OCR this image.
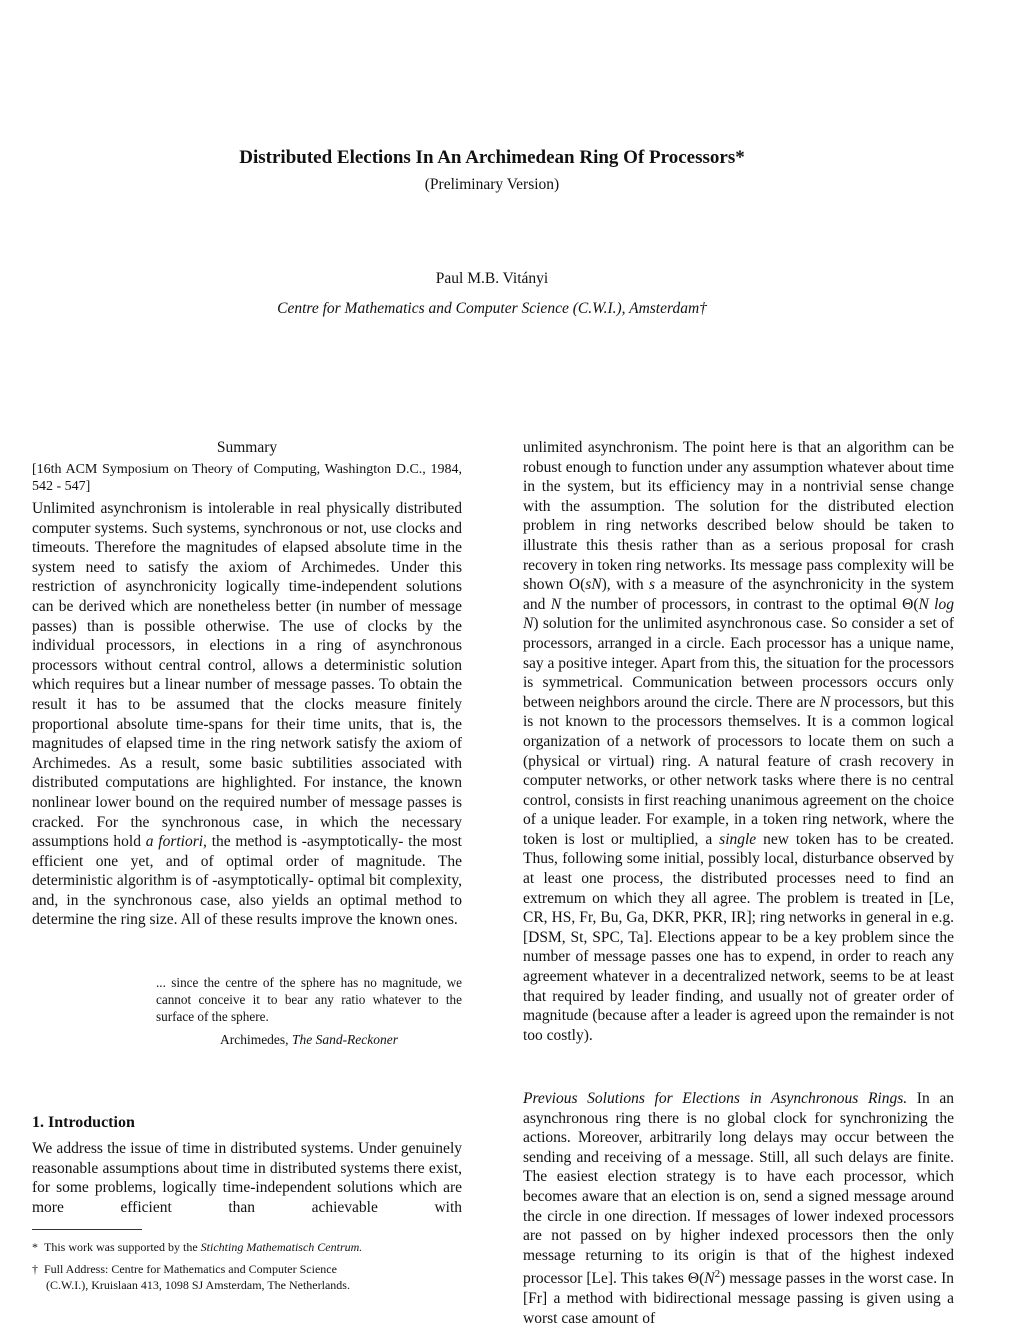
Distributed Elections In An Archimedean Ring Of Processors*
(Preliminary Version)
Paul M.B. Vitányi
Centre for Mathematics and Computer Science (C.W.I.), Amsterdam†
Summary
[16th ACM Symposium on Theory of Computing, Washington D.C., 1984, 542 - 547]

Unlimited asynchronism is intolerable in real physically distributed computer systems. Such systems, synchronous or not, use clocks and timeouts. Therefore the magnitudes of elapsed absolute time in the system need to satisfy the axiom of Archimedes. Under this restriction of asynchronicity logically time-independent solutions can be derived which are nonetheless better (in number of message passes) than is possible otherwise. The use of clocks by the individual processors, in elections in a ring of asynchronous processors without central control, allows a deterministic solution which requires but a linear number of message passes. To obtain the result it has to be assumed that the clocks measure finitely proportional absolute time-spans for their time units, that is, the magnitudes of elapsed time in the ring network satisfy the axiom of Archimedes. As a result, some basic subtilities associated with distributed computations are highlighted. For instance, the known nonlinear lower bound on the required number of message passes is cracked. For the synchronous case, in which the necessary assumptions hold a fortiori, the method is -asymptotically- the most efficient one yet, and of optimal order of magnitude. The deterministic algorithm is of -asymptotically- optimal bit complexity, and, in the synchronous case, also yields an optimal method to determine the ring size. All of these results improve the known ones.

... since the centre of the sphere has no magnitude, we cannot conceive it to bear any ratio whatever to the surface of the sphere.
Archimedes, The Sand-Reckoner
1. Introduction
We address the issue of time in distributed systems. Under genuinely reasonable assumptions about time in distributed systems there exist, for some problems, logically time-independent solutions which are more efficient than achievable with
* This work was supported by the Stichting Mathematisch Centrum.
† Full Address: Centre for Mathematics and Computer Science
(C.W.I.), Kruislaan 413, 1098 SJ Amsterdam, The Netherlands.

unlimited asynchronism. The point here is that an algorithm can be robust enough to function under any assumption whatever about time in the system, but its efficiency may in a nontrivial sense change with the assumption. The solution for the distributed election problem in ring networks described below should be taken to illustrate this thesis rather than as a serious proposal for crash recovery in token ring networks. Its message pass complexity will be shown O(sN), with s a measure of the asynchronicity in the system and N the number of processors, in contrast to the optimal Θ(N log N) solution for the unlimited asynchronous case. So consider a set of processors, arranged in a circle. Each processor has a unique name, say a positive integer. Apart from this, the situation for the processors is symmetrical. Communication between processors occurs only between neighbors around the circle. There are N processors, but this is not known to the processors themselves. It is a common logical organization of a network of processors to locate them on such a (physical or virtual) ring. A natural feature of crash recovery in computer networks, or other network tasks where there is no central control, consists in first reaching unanimous agreement on the choice of a unique leader. For example, in a token ring network, where the token is lost or multiplied, a single new token has to be created. Thus, following some initial, possibly local, disturbance observed by at least one process, the distributed processes need to find an extremum on which they all agree. The problem is treated in [Le, CR, HS, Fr, Bu, Ga, DKR, PKR, IR]; ring networks in general in e.g. [DSM, St, SPC, Ta]. Elections appear to be a key problem since the number of message passes one has to expend, in order to reach any agreement whatever in a decentralized network, seems to be at least that required by leader finding, and usually not of greater order of magnitude (because after a leader is agreed upon the remainder is not too costly).

Previous Solutions for Elections in Asynchronous Rings. In an asynchronous ring there is no global clock for synchronizing the actions. Moreover, arbitrarily long delays may occur between the sending and receiving of a message. Still, all such delays are finite. The easiest election strategy is to have each processor, which becomes aware that an election is on, send a signed message around the circle in one direction. If messages of lower indexed processors are not passed on by higher indexed processors then the only message returning to its origin is that of the highest indexed processor [Le]. This takes $\Theta(N^2)$ message passes in the worst case. In [Fr] a method with bidirectional message passing is given using a worst case amount of
